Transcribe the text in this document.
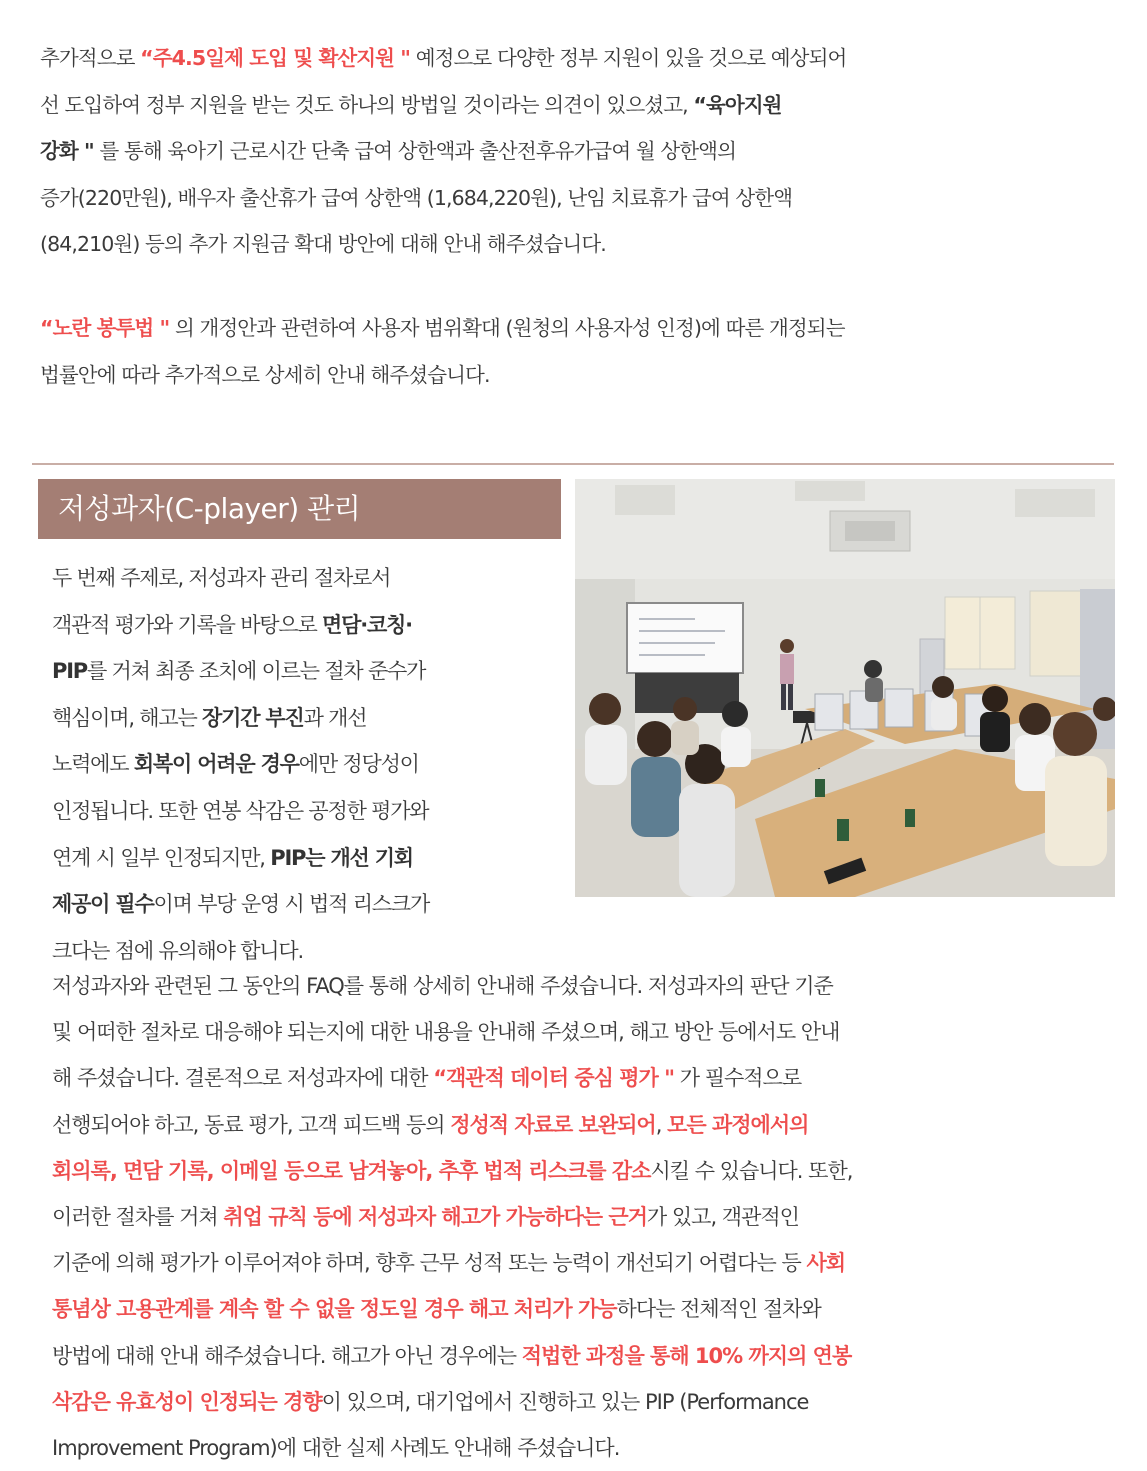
추가적으로 “주4.5일제 도입 및 확산지원 " 예정으로 다양한 정부 지원이 있을 것으로 예상되어

선 도입하여 정부 지원을 받는 것도 하나의 방법일 것이라는 의견이 있으셨고, “육아지원

강화 " 를 통해 육아기 근로시간 단축 급여 상한액과 출산전후유가급여 월 상한액의

증가(220만원), 배우자 출산휴가 급여 상한액 (1,684,220원), 난임 치료휴가 급여 상한액

(84,210원) 등의 추가 지원금 확대 방안에 대해 안내 해주셨습니다.

“노란 봉투법 " 의 개정안과 관련하여 사용자 범위확대 (원청의 사용자성 인정)에 따른 개정되는

법률안에 따라 추가적으로 상세히 안내 해주셨습니다.

저성과자(C-player) 관리

두 번째 주제로, 저성과자 관리 절차로서

객관적 평가와 기록을 바탕으로 면담·코칭·

PIP를 거쳐 최종 조치에 이르는 절차 준수가

핵심이며, 해고는 장기간 부진과 개선

노력에도 회복이 어려운 경우에만 정당성이

인정됩니다. 또한 연봉 삭감은 공정한 평가와

연계 시 일부 인정되지만, PIP는 개선 기회

제공이 필수이며 부당 운영 시 법적 리스크가

크다는 점에 유의해야 합니다.

저성과자와 관련된 그 동안의 FAQ를 통해 상세히 안내해 주셨습니다. 저성과자의 판단 기준

및 어떠한 절차로 대응해야 되는지에 대한 내용을 안내해 주셨으며, 해고 방안 등에서도 안내

해 주셨습니다. 결론적으로 저성과자에 대한 “객관적 데이터 중심 평가 " 가 필수적으로

선행되어야 하고, 동료 평가, 고객 피드백 등의 정성적 자료로 보완되어, 모든 과정에서의

회의록, 면담 기록, 이메일 등으로 남겨놓아, 추후 법적 리스크를 감소시킬 수 있습니다. 또한,

이러한 절차를 거쳐 취업 규칙 등에 저성과자 해고가 가능하다는 근거가 있고, 객관적인

기준에 의해 평가가 이루어져야 하며, 향후 근무 성적 또는 능력이 개선되기 어렵다는 등 사회

통념상 고용관계를 계속 할 수 없을 정도일 경우 해고 처리가 가능하다는 전체적인 절차와

방법에 대해 안내 해주셨습니다. 해고가 아닌 경우에는 적법한 과정을 통해 10% 까지의 연봉

삭감은 유효성이 인정되는 경향이 있으며, 대기업에서 진행하고 있는 PIP (Performance

Improvement Program)에 대한 실제 사례도 안내해 주셨습니다.
